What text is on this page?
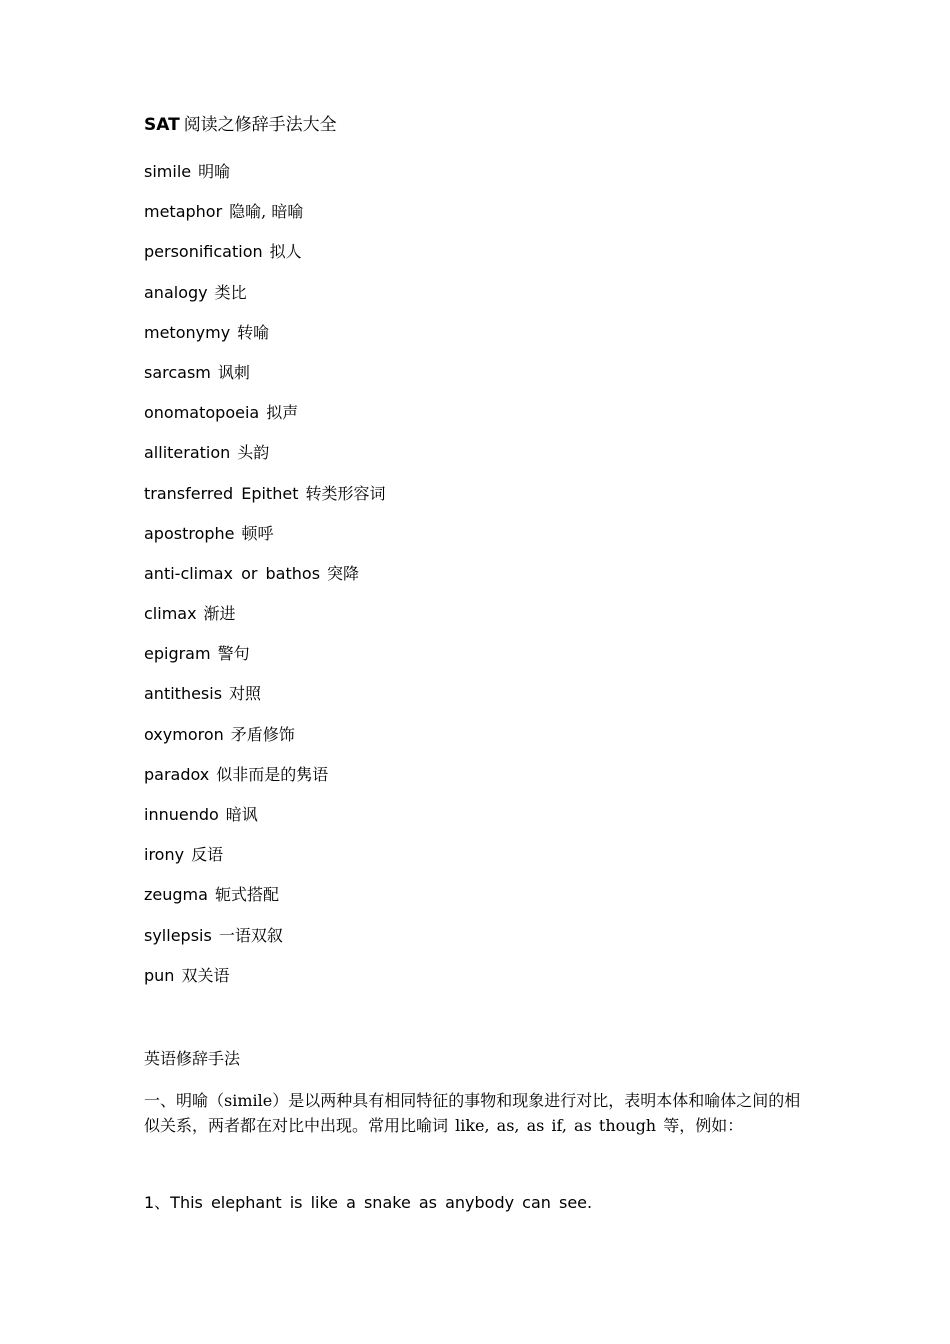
SAT 阅读之修辞手法大全
simile 明喻
metaphor 隐喻, 暗喻
personification 拟人
analogy 类比
metonymy 转喻
sarcasm 讽刺
onomatopoeia 拟声
alliteration 头韵
transferred Epithet 转类形容词
apostrophe 顿呼
anti-climax or bathos 突降
climax 渐进
epigram 警句
antithesis 对照
oxymoron 矛盾修饰
paradox 似非而是的隽语
innuendo 暗讽
irony 反语
zeugma 轭式搭配
syllepsis 一语双叙
pun 双关语
英语修辞手法

一、明喻（simile）是以两种具有相同特征的事物和现象进行对比，表明本体和喻体之间的相似关系，两者都在对比中出现。常用比喻词 like, as, as if, as though 等，例如：

1、This elephant is like a snake as anybody can see.
